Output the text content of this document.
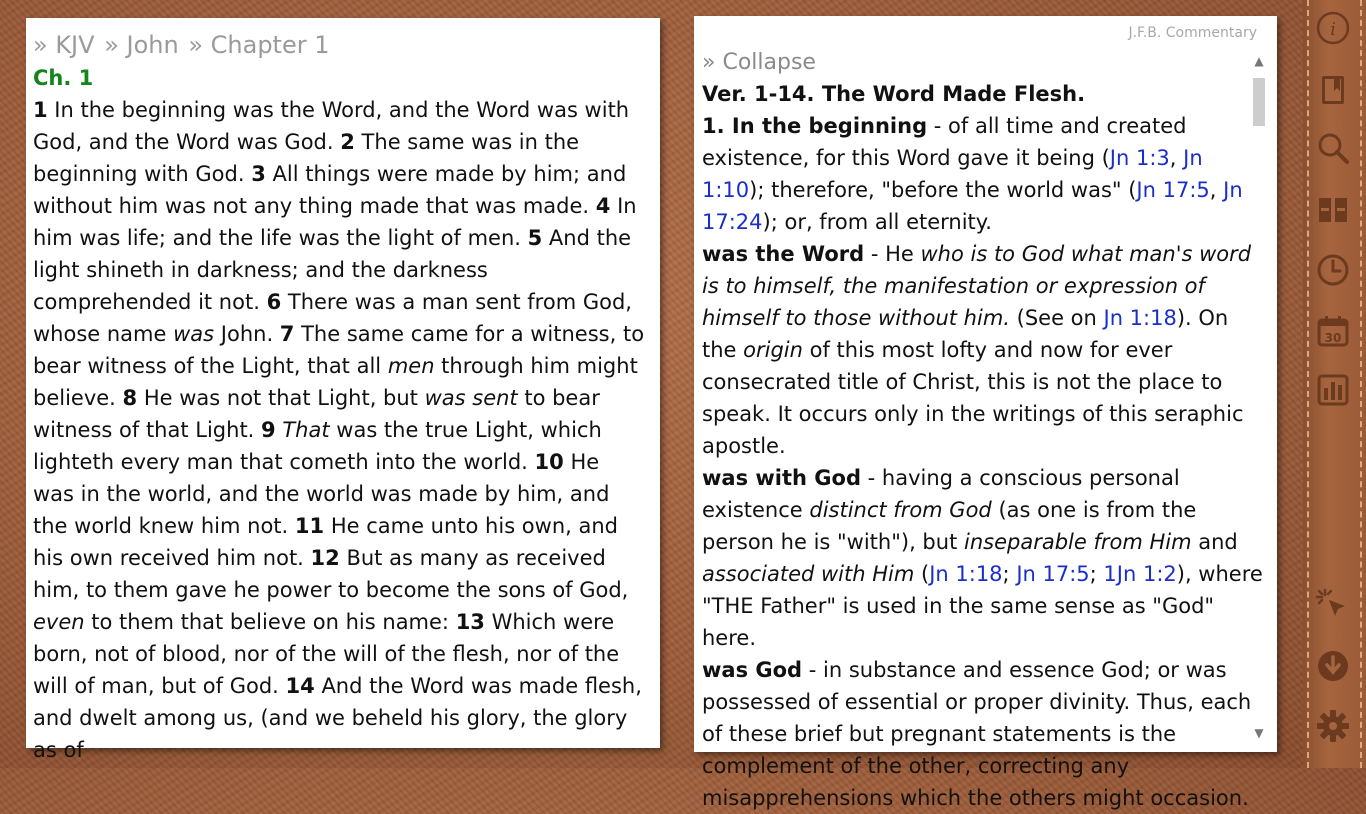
» KJV » John » Chapter 1
Ch. 1
1 In the beginning was the Word, and the Word was with God, and the Word was God. 2 The same was in the beginning with God. 3 All things were made by him; and without him was not any thing made that was made. 4 In him was life; and the life was the light of men. 5 And the light shineth in darkness; and the darkness comprehended it not. 6 There was a man sent from God, whose name was John. 7 The same came for a witness, to bear witness of the Light, that all men through him might believe. 8 He was not that Light, but was sent to bear witness of that Light. 9 That was the true Light, which lighteth every man that cometh into the world. 10 He was in the world, and the world was made by him, and the world knew him not. 11 He came unto his own, and his own received him not. 12 But as many as received him, to them gave he power to become the sons of God, even to them that believe on his name: 13 Which were born, not of blood, nor of the will of the flesh, nor of the will of man, but of God. 14 And the Word was made flesh, and dwelt among us, (and we beheld his glory, the glory as of
J.F.B. Commentary
» Collapse
Ver. 1-14. The Word Made Flesh.
1. In the beginning - of all time and created existence, for this Word gave it being (Jn 1:3, Jn 1:10); therefore, "before the world was" (Jn 17:5, Jn 17:24); or, from all eternity.
was the Word - He who is to God what man's word is to himself, the manifestation or expression of himself to those without him. (See on Jn 1:18). On the origin of this most lofty and now for ever consecrated title of Christ, this is not the place to speak. It occurs only in the writings of this seraphic apostle.
was with God - having a conscious personal existence distinct from God (as one is from the person he is "with"), but inseparable from Him and associated with Him (Jn 1:18; Jn 17:5; 1Jn 1:2), where "THE Father" is used in the same sense as "God" here.
was God - in substance and essence God; or was possessed of essential or proper divinity. Thus, each of these brief but pregnant statements is the complement of the other, correcting any misapprehensions which the others might occasion.
▲
▼
i
30
